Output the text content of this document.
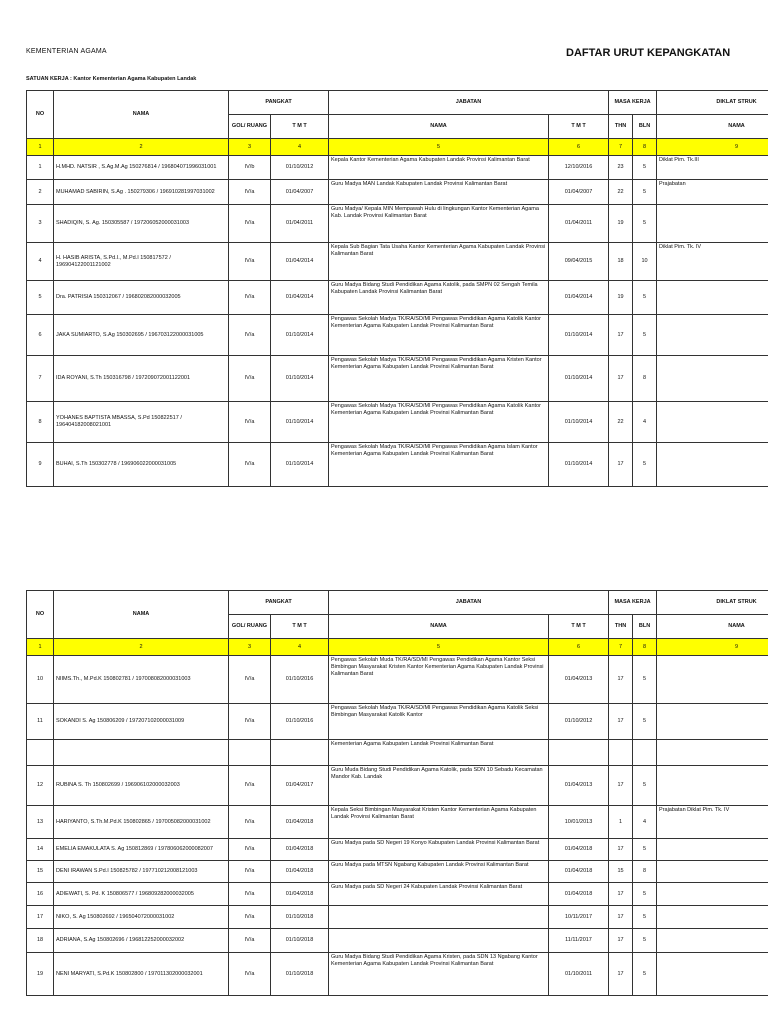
KEMENTERIAN AGAMA	DAFTAR URUT KEPANGKATAN
SATUAN KERJA : Kantor Kementerian Agama Kabupaten Landak
NO	NAMA	PANGKAT		JABATAN		MASA KERJA		DIKLAT STRUK
		GOL/ RUANG	T M T	NAMA	T M T	THN	BLN	NAMA
1	2	3	4	5	6	7	8	9
1	H.MHD. NATSIR , S.Ag.M.Ag 150276814 / 196804071996031001	IV/b	01/10/2012	Kepala Kantor Kementerian Agama Kabupaten Landak Provinsi Kalimantan Barat	12/10/2016	23	5	Diklat Pim. Tk.III
2	MUHAMAD SABIRIN, S.Ag . 150279306 / 196910281997031002	IV/a	01/04/2007	Guru Madya MAN Landak Kabupaten Landak Provinsi Kalimantan Barat	01/04/2007	22	5	Prajabatan
3	SHADIQIN, S. Ag. 150305587 / 197206052000031003	IV/a	01/04/2011	Guru Madya/ Kepala MIN Mempawah Hulu di lingkungan Kantor Kementerian Agama Kab. Landak Provinsi Kalimantan Barat	01/04/2011	19	5	
4	H. HASIB ARISTA, S.Pd.I., M.Pd.I 150817572 / 196904122001121002	IV/a	01/04/2014	Kepala Sub Bagian Tata Usaha Kantor Kementerian Agama Kabupaten Landak Provinsi Kalimantan Barat	09/04/2015	18	10	Diklat Pim. Tk. IV
5	Dra. PATRISIA 150312067 / 196802082000032005	IV/a	01/04/2014	Guru Madya Bidang Studi Pendidikan Agama Katolik, pada SMPN 02 Sengah Temila Kabupaten Landak Provinsi Kalimantan Barat	01/04/2014	19	5	
6	JAKA SUMIARTO, S.Ag 150302695 / 196703122000031005	IV/a	01/10/2014	Pengawas Sekolah Madya TK/RA/SD/MI Pengawas Pendidikan Agama Katolik Kantor Kementerian Agama Kabupaten Landak Provinsi Kalimantan Barat	01/10/2014	17	5	
7	IDA ROYANI, S.Th 150316798 / 197209072001122001	IV/a	01/10/2014	Pengawas Sekolah Madya TK/RA/SD/MI Pengawas Pendidikan Agama Kristen Kantor Kementerian Agama Kabupaten Landak Provinsi Kalimantan Barat	01/10/2014	17	8	
8	YOHANES BAPTISTA MBASSA, S.Pd 150822517 / 196404182008021001	IV/a	01/10/2014	Pengawas Sekolah Madya TK/RA/SD/MI Pengawas Pendidikan Agama Katolik Kantor Kementerian Agama Kabupaten Landak Provinsi Kalimantan Barat	01/10/2014	22	4	
9	BUHAI, S.Th 150302778 / 196906022000031005	IV/a	01/10/2014	Pengawas Sekolah Madya TK/RA/SD/MI Pengawas Pendidikan Agama Islam Kantor Kementerian Agama Kabupaten Landak Provinsi Kalimantan Barat	01/10/2014	17	5	
NO	NAMA	PANGKAT		JABATAN		MASA KERJA		DIKLAT STRUK
		GOL/ RUANG	T M T	NAMA	T M T	THN	BLN	NAMA
1	2	3	4	5	6	7	8	9
10	NIIMS.Th., M.Pd.K 150802781 / 197008082000031003	IV/a	01/10/2016	Pengawas Sekolah Muda TK/RA/SD/MI Pengawas Pendidikan Agama Kantor Seksi Bimbingan Masyarakat Kristen Kantor Kementerian Agama Kabupaten Landak Provinsi Kalimantan Barat	01/04/2013	17	5	
11	SOKANDI S. Ag 150806209 / 197207102000031009	IV/a	01/10/2016	Pengawas Sekolah Madya TK/RA/SD/MI Pengawas Pendidikan Agama Katolik Seksi Bimbingan Masyarakat Katolik Kantor	01/10/2012	17	5	
				Kementerian Agama Kabupaten Landak Provinsi Kalimantan Barat				
12	RUBINA S. Th 150802699 / 196906102000032003	IV/a	01/04/2017	Guru Muda Bidang Studi Pendidikan Agama Katolik, pada SDN 10 Sebadu Kecamatan Mandor Kab. Landak	01/04/2013	17	5	
13	HARIYANTO, S.Th.M.Pd.K 150802865 / 197005082000031002	IV/a	01/04/2018	Kepala Seksi Bimbingan Masyarakat Kristen Kantor Kementerian Agama Kabupaten Landak Provinsi Kalimantan Barat	10/01/2013	1	4	Prajabatan Diklat Pim. Tk. IV
14	EMELIA EMAKULATA S. Ag 150812869 / 197806062000082007	IV/a	01/04/2018	Guru Madya pada SD Negeri 19 Konyo Kabupaten Landak Provinsi Kalimantan Barat	01/04/2018	17	5	
15	DENI IRAWAN S.Pd.I 150825782 / 197710212008121003	IV/a	01/04/2018	Guru Madya pada MTSN Ngabang Kabupaten Landak Provinsi Kalimantan Barat	01/04/2018	15	8	
16	ADIEWATI, S. Pd. K 150806577 / 196809282000032005	IV/a	01/04/2018	Guru Madya pada SD Negeri 24 Kabupaten Landak Provinsi Kalimantan Barat	01/04/2018	17	5	
17	NIKO, S. Ag 150802692 / 196504072000031002	IV/a	01/10/2018		10/11/2017	17	5	
18	ADRIANA, S.Ag 150802696 / 196812252000032002	IV/a	01/10/2018		11/11/2017	17	5	
19	NENI MARYATI, S.Pd.K 150802800 / 197011302000032001	IV/a	01/10/2018	Guru Madya Bidang Studi Pendidikan Agama Kristen, pada SDN 13 Ngabang Kantor Kementerian Agama Kabupaten Landak Provinsi Kalimantan Barat	01/10/2011	17	5	
